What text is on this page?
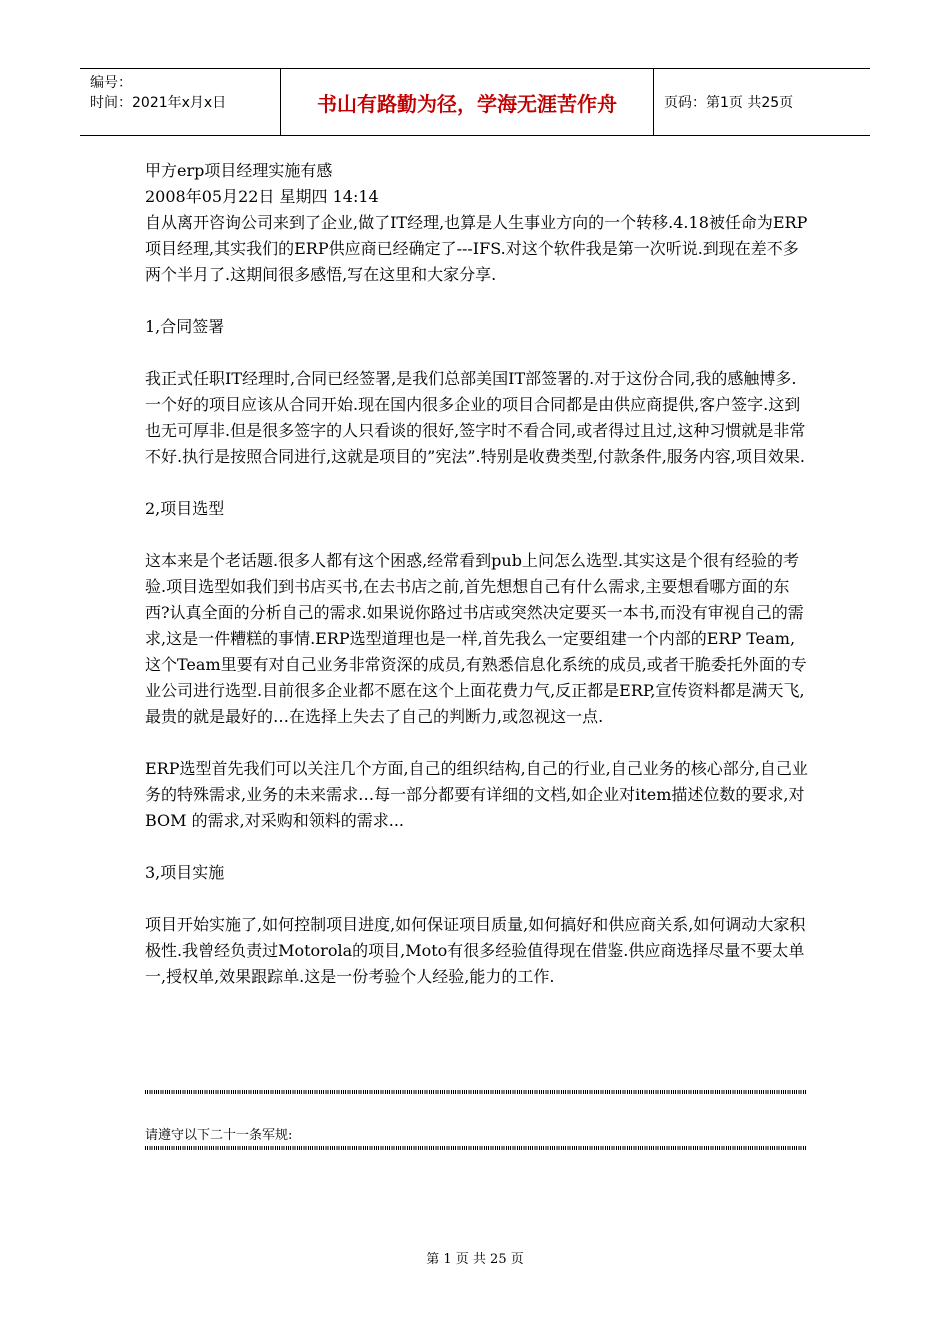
编号：
时间：2021年x月x日	书山有路勤为径，学海无涯苦作舟	页码：第1页 共25页

甲方erp项目经理实施有感

2008年05月22日 星期四 14:14

自从离开咨询公司来到了企业,做了IT经理,也算是人生事业方向的一个转移.4.18被任命为ERP项目经理,其实我们的ERP供应商已经确定了---IFS.对这个软件我是第一次听说.到现在差不多两个半月了.这期间很多感悟,写在这里和大家分享.

1,合同签署

我正式任职IT经理时,合同已经签署,是我们总部美国IT部签署的.对于这份合同,我的感触博多.一个好的项目应该从合同开始.现在国内很多企业的项目合同都是由供应商提供,客户签字.这到也无可厚非.但是很多签字的人只看谈的很好,签字时不看合同,或者得过且过,这种习惯就是非常不好.执行是按照合同进行,这就是项目的”宪法”.特别是收费类型,付款条件,服务内容,项目效果.

2,项目选型

这本来是个老话题.很多人都有这个困惑,经常看到pub上问怎么选型.其实这是个很有经验的考验.项目选型如我们到书店买书,在去书店之前,首先想想自己有什么需求,主要想看哪方面的东西?认真全面的分析自己的需求.如果说你路过书店或突然决定要买一本书,而没有审视自己的需求,这是一件糟糕的事情.ERP选型道理也是一样,首先我么一定要组建一个内部的ERP Team,这个Team里要有对自己业务非常资深的成员,有熟悉信息化系统的成员,或者干脆委托外面的专业公司进行选型.目前很多企业都不愿在这个上面花费力气,反正都是ERP,宣传资料都是满天飞,最贵的就是最好的…在选择上失去了自己的判断力,或忽视这一点.

ERP选型首先我们可以关注几个方面,自己的组织结构,自己的行业,自己业务的核心部分,自己业务的特殊需求,业务的未来需求…每一部分都要有详细的文档,如企业对item描述位数的要求,对BOM 的需求,对采购和领料的需求...

3,项目实施

项目开始实施了,如何控制项目进度,如何保证项目质量,如何搞好和供应商关系,如何调动大家积极性.我曾经负责过Motorola的项目,Moto有很多经验值得现在借鉴.供应商选择尽量不要太单一,授权单,效果跟踪单.这是一份考验个人经验,能力的工作.

请遵守以下二十一条军规:
第 1 页 共 25 页
